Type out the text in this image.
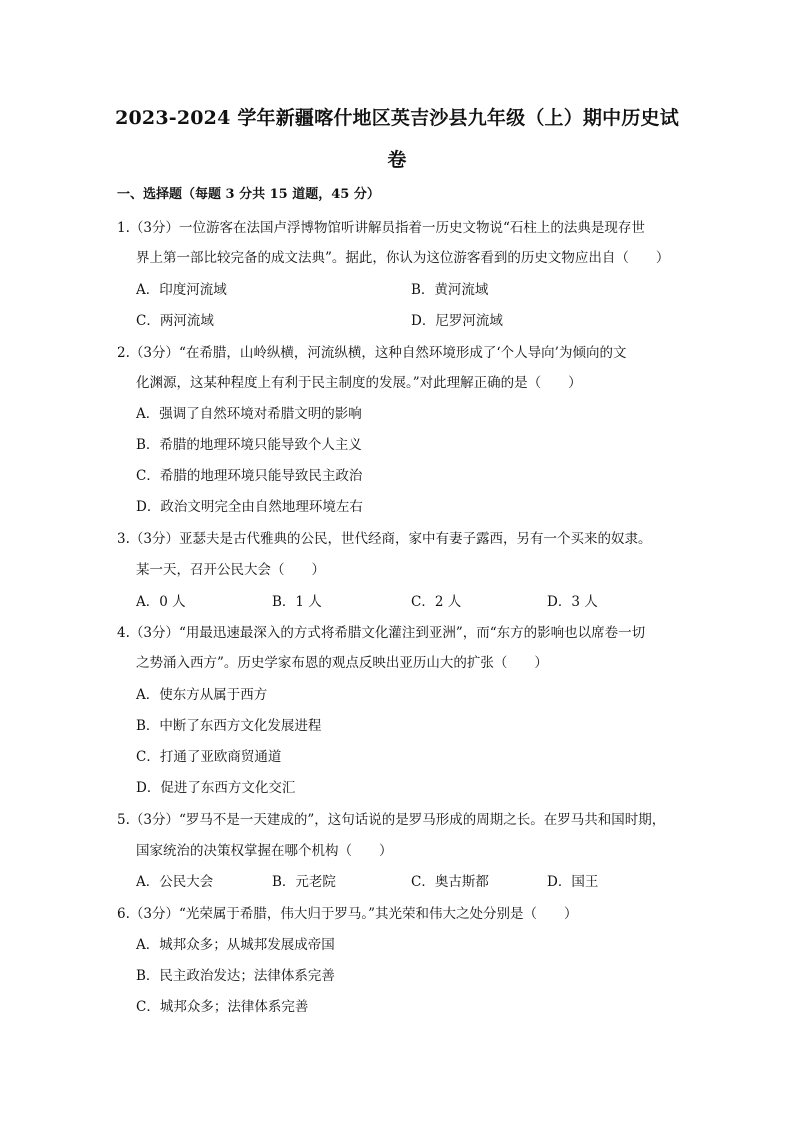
2023-2024 学年新疆喀什地区英吉沙县九年级（上）期中历史试
卷
一、选择题（每题 3 分共 15 道题，45 分）
1.（3分）一位游客在法国卢浮博物馆听讲解员指着一历史文物说“石柱上的法典是现存世
界上第一部比较完备的成文法典”。据此，你认为这位游客看到的历史文物应出自（　　）
A．印度河流域	B．黄河流域
C．两河流域	D．尼罗河流域
2.（3分）“在希腊，山岭纵横，河流纵横，这种自然环境形成了‘个人导向’为倾向的文
化渊源，这某种程度上有利于民主制度的发展。”对此理解正确的是（　　）
A．强调了自然环境对希腊文明的影响
B．希腊的地理环境只能导致个人主义
C．希腊的地理环境只能导致民主政治
D．政治文明完全由自然地理环境左右
3.（3分）亚瑟夫是古代雅典的公民，世代经商，家中有妻子露西，另有一个买来的奴隶。
某一天，召开公民大会（　　）
A．0 人	B．1 人	C．2 人	D．3 人
4.（3分）“用最迅速最深入的方式将希腊文化灌注到亚洲”，而“东方的影响也以席卷一切
之势涌入西方”。历史学家布恩的观点反映出亚历山大的扩张（　　）
A．使东方从属于西方
B．中断了东西方文化发展进程
C．打通了亚欧商贸通道
D．促进了东西方文化交汇
5.（3分）“罗马不是一天建成的”，这句话说的是罗马形成的周期之长。在罗马共和国时期，
国家统治的决策权掌握在哪个机构（　　）
A．公民大会	B．元老院	C．奥古斯都	D．国王
6.（3分）“光荣属于希腊，伟大归于罗马。”其光荣和伟大之处分别是（　　）
A．城邦众多；从城邦发展成帝国
B．民主政治发达；法律体系完善
C．城邦众多；法律体系完善
